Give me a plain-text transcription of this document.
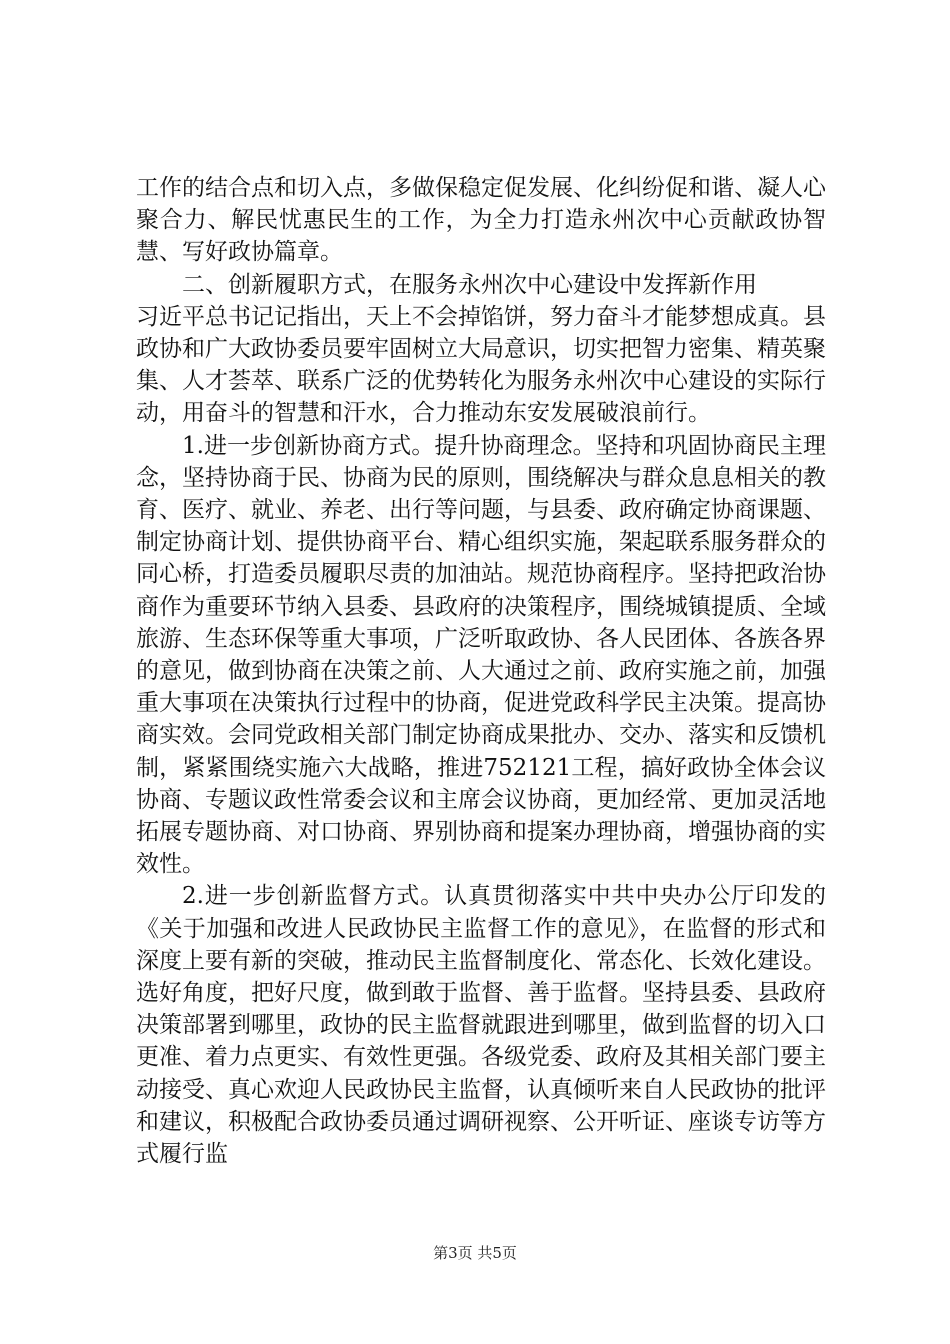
工作的结合点和切入点，多做保稳定促发展、化纠纷促和谐、凝人心聚合力、解民忧惠民生的工作，为全力打造永州次中心贡献政协智慧、写好政协篇章。

二、创新履职方式，在服务永州次中心建设中发挥新作用

习近平总书记记指出，天上不会掉馅饼，努力奋斗才能梦想成真。县政协和广大政协委员要牢固树立大局意识，切实把智力密集、精英聚集、人才荟萃、联系广泛的优势转化为服务永州次中心建设的实际行动，用奋斗的智慧和汗水，合力推动东安发展破浪前行。

1.进一步创新协商方式。提升协商理念。坚持和巩固协商民主理念，坚持协商于民、协商为民的原则，围绕解决与群众息息相关的教育、医疗、就业、养老、出行等问题，与县委、政府确定协商课题、制定协商计划、提供协商平台、精心组织实施，架起联系服务群众的同心桥，打造委员履职尽责的加油站。规范协商程序。坚持把政治协商作为重要环节纳入县委、县政府的决策程序，围绕城镇提质、全域旅游、生态环保等重大事项，广泛听取政协、各人民团体、各族各界的意见，做到协商在决策之前、人大通过之前、政府实施之前，加强重大事项在决策执行过程中的协商，促进党政科学民主决策。提高协商实效。会同党政相关部门制定协商成果批办、交办、落实和反馈机制，紧紧围绕实施六大战略，推进752121工程，搞好政协全体会议协商、专题议政性常委会议和主席会议协商，更加经常、更加灵活地拓展专题协商、对口协商、界别协商和提案办理协商，增强协商的实效性。

2.进一步创新监督方式。认真贯彻落实中共中央办公厅印发的《关于加强和改进人民政协民主监督工作的意见》，在监督的形式和深度上要有新的突破，推动民主监督制度化、常态化、长效化建设。选好角度，把好尺度，做到敢于监督、善于监督。坚持县委、县政府决策部署到哪里，政协的民主监督就跟进到哪里，做到监督的切入口更准、着力点更实、有效性更强。各级党委、政府及其相关部门要主动接受、真心欢迎人民政协民主监督，认真倾听来自人民政协的批评和建议，积极配合政协委员通过调研视察、公开听证、座谈专访等方式履行监

第3页 共5页
